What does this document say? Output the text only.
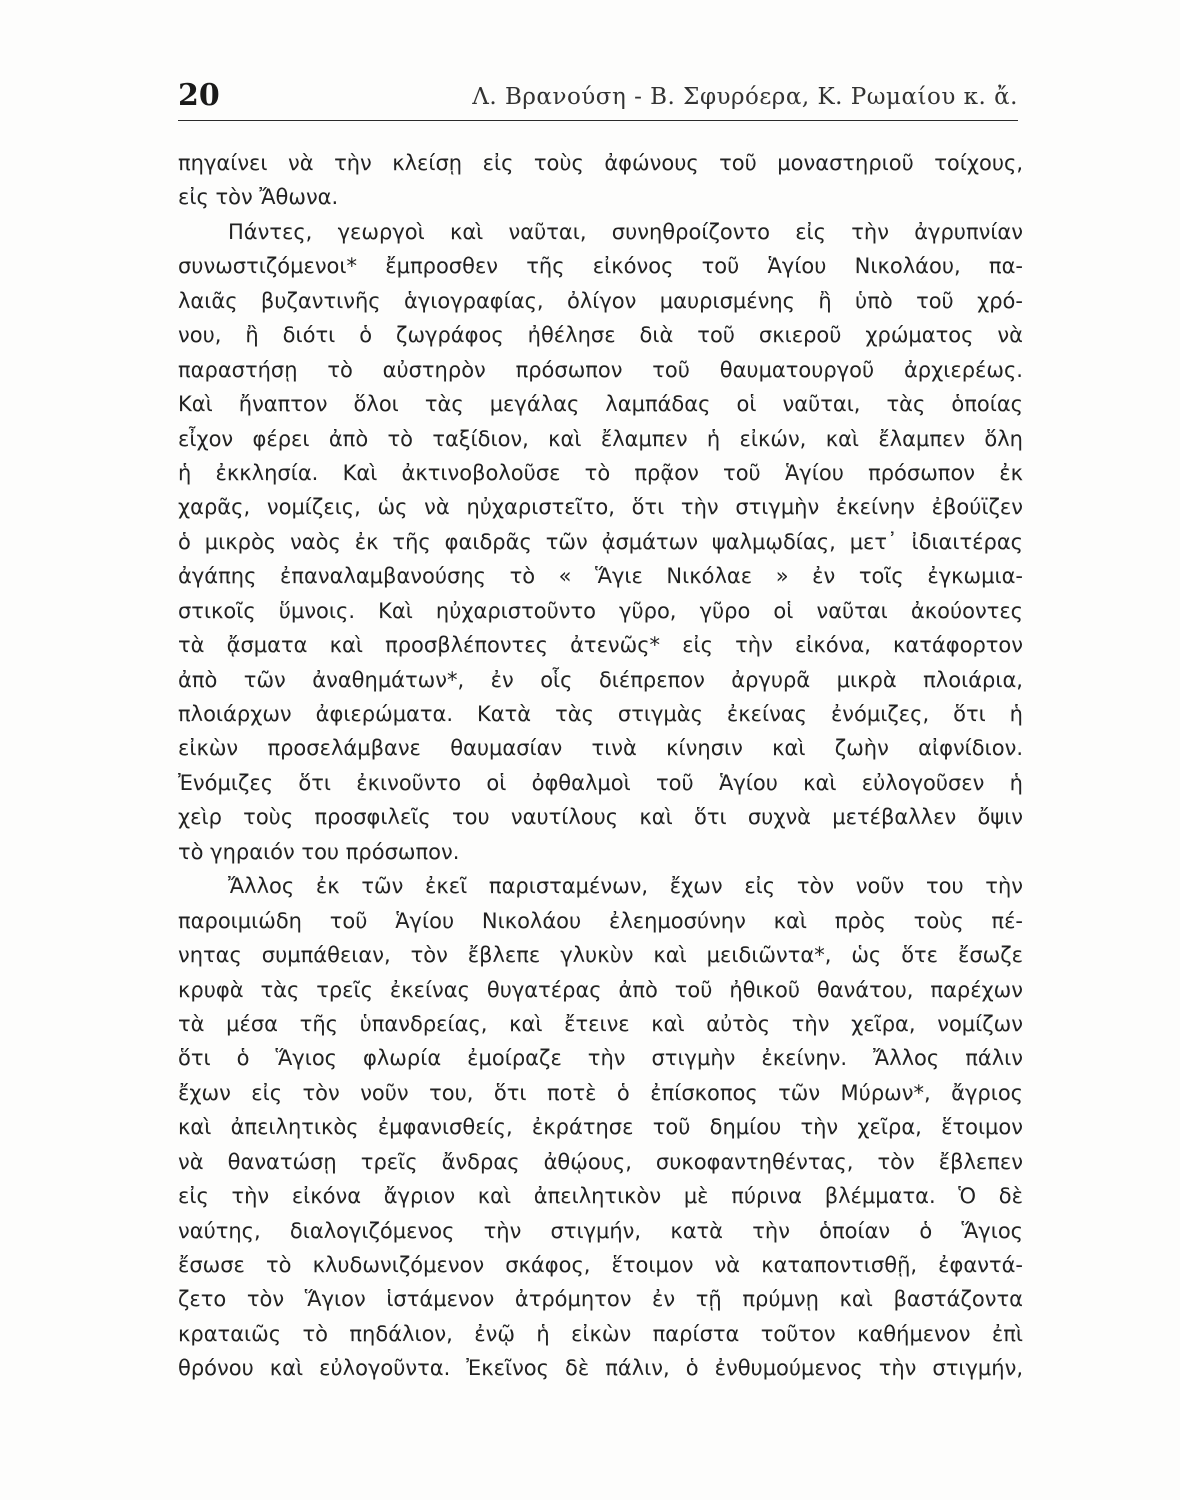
20	Λ. Βρανούση - Β. Σφυρόερα, Κ. Ρωμαίου κ. ἄ.
πηγαίνει νὰ τὴν κλείσῃ εἰς τοὺς ἀφώνους τοῦ μοναστηριοῦ τοίχους,
εἰς τὸν Ἄθωνα.
Πάντες, γεωργοὶ καὶ ναῦται, συνηθροίζοντο εἰς τὴν ἀγρυπνίαν
συνωστιζόμενοι* ἔμπροσθεν τῆς εἰκόνος τοῦ Ἁγίου Νικολάου, πα-
λαιᾶς βυζαντινῆς ἁγιογραφίας, ὀλίγον μαυρισμένης ἢ ὑπὸ τοῦ χρό-
νου, ἢ διότι ὁ ζωγράφος ἠθέλησε διὰ τοῦ σκιεροῦ χρώματος νὰ
παραστήσῃ τὸ αὐστηρὸν πρόσωπον τοῦ θαυματουργοῦ ἀρχιερέως.
Καὶ ἤναπτον ὅλοι τὰς μεγάλας λαμπάδας οἱ ναῦται, τὰς ὁποίας
εἶχον φέρει ἀπὸ τὸ ταξίδιον, καὶ ἔλαμπεν ἡ εἰκών, καὶ ἔλαμπεν ὅλη
ἡ ἐκκλησία. Καὶ ἀκτινοβολοῦσε τὸ πρᾷον τοῦ Ἁγίου πρόσωπον ἐκ
χαρᾶς, νομίζεις, ὡς νὰ ηὐχαριστεῖτο, ὅτι τὴν στιγμὴν ἐκείνην ἐβούϊζεν
ὁ μικρὸς ναὸς ἐκ τῆς φαιδρᾶς τῶν ᾀσμάτων ψαλμῳδίας, μετ᾽ ἰδιαιτέρας
ἀγάπης ἐπαναλαμβανούσης τὸ « Ἅγιε Νικόλαε » ἐν τοῖς ἐγκωμια-
στικοῖς ὕμνοις. Καὶ ηὐχαριστοῦντο γῦρο, γῦρο οἱ ναῦται ἀκούοντες
τὰ ᾄσματα καὶ προσβλέποντες ἀτενῶς* εἰς τὴν εἰκόνα, κατάφορτον
ἀπὸ τῶν ἀναθημάτων*, ἐν οἷς διέπρεπον ἀργυρᾶ μικρὰ πλοιάρια,
πλοιάρχων ἀφιερώματα. Κατὰ τὰς στιγμὰς ἐκείνας ἐνόμιζες, ὅτι ἡ
εἰκὼν προσελάμβανε θαυμασίαν τινὰ κίνησιν καὶ ζωὴν αἰφνίδιον.
Ἐνόμιζες ὅτι ἐκινοῦντο οἱ ὀφθαλμοὶ τοῦ Ἁγίου καὶ εὐλογοῦσεν ἡ
χεὶρ τοὺς προσφιλεῖς του ναυτίλους καὶ ὅτι συχνὰ μετέβαλλεν ὄψιν
τὸ γηραιόν του πρόσωπον.
Ἄλλος ἐκ τῶν ἐκεῖ παρισταμένων, ἔχων εἰς τὸν νοῦν του τὴν
παροιμιώδη τοῦ Ἁγίου Νικολάου ἐλεημοσύνην καὶ πρὸς τοὺς πέ-
νητας συμπάθειαν, τὸν ἔβλεπε γλυκὺν καὶ μειδιῶντα*, ὡς ὅτε ἔσωζε
κρυφὰ τὰς τρεῖς ἐκείνας θυγατέρας ἀπὸ τοῦ ἠθικοῦ θανάτου, παρέχων
τὰ μέσα τῆς ὑπανδρείας, καὶ ἔτεινε καὶ αὐτὸς τὴν χεῖρα, νομίζων
ὅτι ὁ Ἅγιος φλωρία ἐμοίραζε τὴν στιγμὴν ἐκείνην. Ἄλλος πάλιν
ἔχων εἰς τὸν νοῦν του, ὅτι ποτὲ ὁ ἐπίσκοπος τῶν Μύρων*, ἄγριος
καὶ ἀπειλητικὸς ἐμφανισθείς, ἐκράτησε τοῦ δημίου τὴν χεῖρα, ἕτοιμον
νὰ θανατώσῃ τρεῖς ἄνδρας ἀθῴους, συκοφαντηθέντας, τὸν ἔβλεπεν
εἰς τὴν εἰκόνα ἄγριον καὶ ἀπειλητικὸν μὲ πύρινα βλέμματα. Ὁ δὲ
ναύτης, διαλογιζόμενος τὴν στιγμήν, κατὰ τὴν ὁποίαν ὁ Ἅγιος
ἔσωσε τὸ κλυδωνιζόμενον σκάφος, ἕτοιμον νὰ καταποντισθῇ, ἐφαντά-
ζετο τὸν Ἅγιον ἱστάμενον ἀτρόμητον ἐν τῇ πρύμνῃ καὶ βαστάζοντα
κραταιῶς τὸ πηδάλιον, ἐνῷ ἡ εἰκὼν παρίστα τοῦτον καθήμενον ἐπὶ
θρόνου καὶ εὐλογοῦντα. Ἐκεῖνος δὲ πάλιν, ὁ ἐνθυμούμενος τὴν στιγμήν,
